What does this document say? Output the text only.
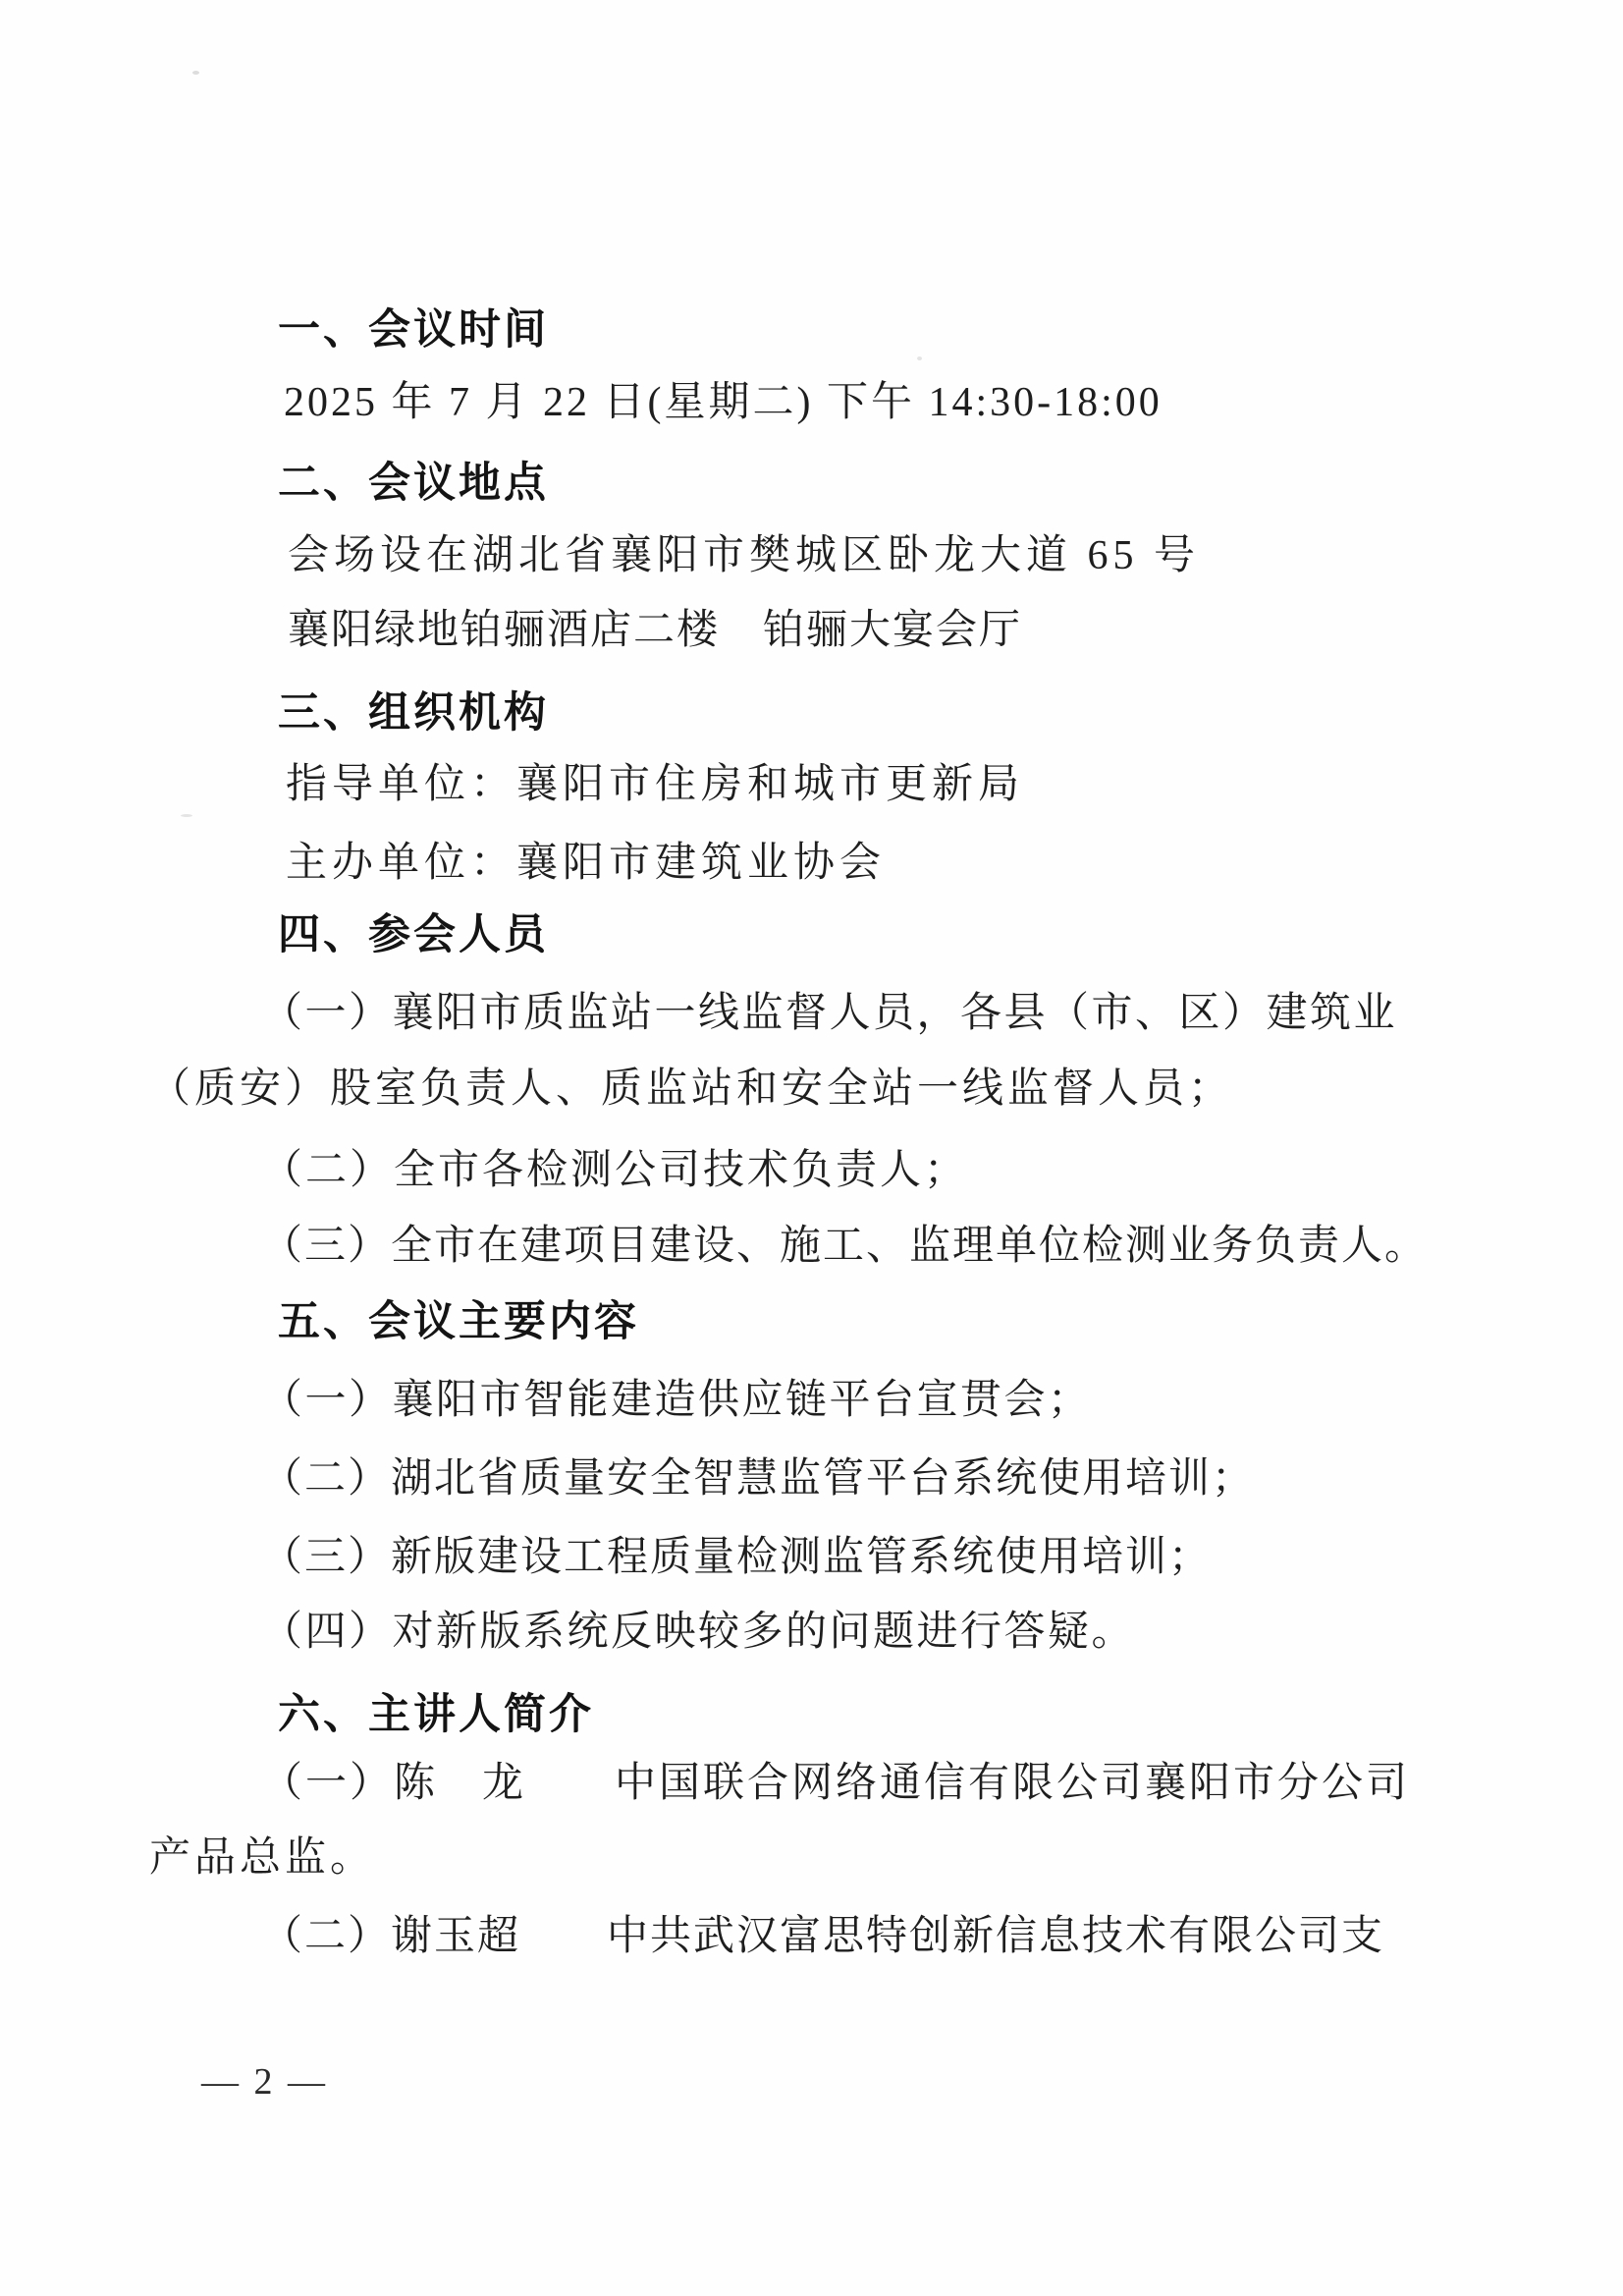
一、会议时间
2025 年 7 月 22 日(星期二) 下午 14:30-18:00
二、会议地点
会场设在湖北省襄阳市樊城区卧龙大道 65 号
襄阳绿地铂骊酒店二楼　铂骊大宴会厅
三、组织机构
指导单位：襄阳市住房和城市更新局
主办单位：襄阳市建筑业协会
四、参会人员
（一）襄阳市质监站一线监督人员，各县（市、区）建筑业
（质安）股室负责人、质监站和安全站一线监督人员；
（二）全市各检测公司技术负责人；
（三）全市在建项目建设、施工、监理单位检测业务负责人。
五、会议主要内容
（一）襄阳市智能建造供应链平台宣贯会；
（二）湖北省质量安全智慧监管平台系统使用培训；
（三）新版建设工程质量检测监管系统使用培训；
（四）对新版系统反映较多的问题进行答疑。
六、主讲人简介
（一）陈　龙　　中国联合网络通信有限公司襄阳市分公司
产品总监。
（二）谢玉超　　中共武汉富思特创新信息技术有限公司支
— 2 —
